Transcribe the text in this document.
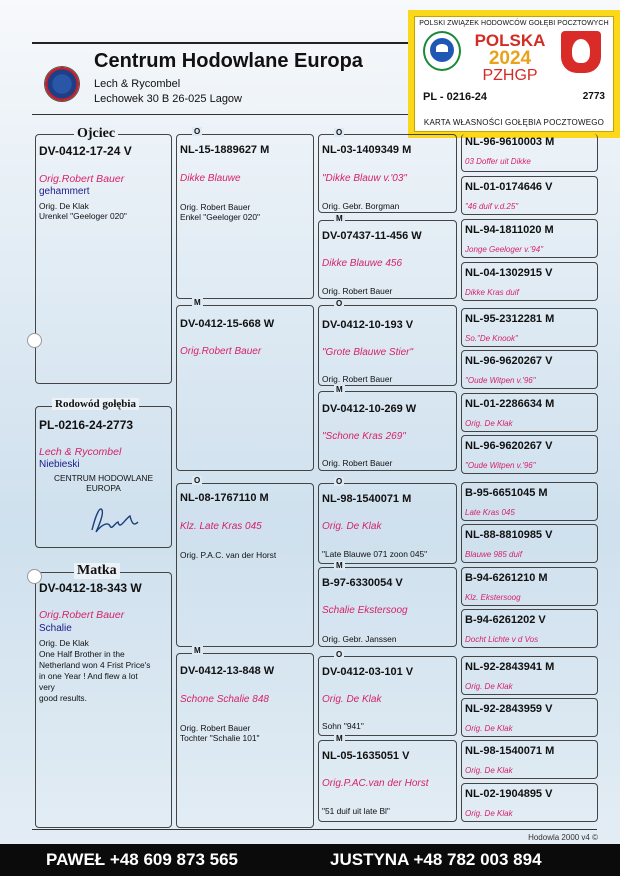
Centrum Hodowlane Europa
Lech & Rycombel
Lechowek 30 B 26-025 Lagow
POLSKI ZWIĄZEK HODOWCÓW GOŁĘBI POCZTOWYCH
POLSKA
2024
PZHGP
PL - 0216-24	2773
KARTA WŁASNOŚCI GOŁĘBIA POCZTOWEGO
DV-0412-17-24 V
Orig.Robert Bauer
gehammert
Orig. De Klak
Urenkel "Geeloger 020"
Ojciec
PL-0216-24-2773
Lech & Rycombel
Niebieski
CENTRUM HODOWLANE
EUROPA
Rodowód gołębia
DV-0412-18-343 W
Orig.Robert Bauer
Schalie
Orig. De Klak
One Half Brother in the
Netherland won 4 Frist Price's
in one Year ! And flew a lot
very
good results.
Matka
NL-15-1889627 M
Dikke Blauwe
Orig. Robert Bauer
Enkel "Geeloger 020"
O
DV-0412-15-668 W
Orig.Robert Bauer
M
NL-08-1767110 M
Klz. Late Kras 045
Orig. P.A.C. van der Horst
O
DV-0412-13-848 W
Schone Schalie 848
Orig. Robert Bauer
Tochter "Schalie 101"
M
NL-03-1409349 M
"Dikke Blauw v.'03"
Orig. Gebr. Borgman
O
DV-07437-11-456 W
Dikke Blauwe 456
Orig. Robert Bauer
M
DV-0412-10-193 V
"Grote Blauwe Stier"
Orig. Robert Bauer
O
DV-0412-10-269 W
"Schone Kras 269"
Orig. Robert Bauer
M
NL-98-1540071 M
Orig. De Klak
"Late Blauwe 071 zoon 045"
O
B-97-6330054 V
Schalie Ekstersoog
Orig. Gebr. Janssen
M
DV-0412-03-101 V
Orig. De Klak
Sohn "941"
O
NL-05-1635051 V
Orig.P.AC.van der Horst
"51 duif uit late Bl"
M
NL-96-9610003 M
03 Doffer uit Dikke
NL-01-0174646 V
"46 duif v.d.25"
NL-94-1811020 M
Jonge Geeloger v.'94"
NL-04-1302915 V
Dikke Kras duif
NL-95-2312281 M
So."De Knook"
NL-96-9620267 V
"Oude Witpen v.'96"
NL-01-2286634 M
Orig. De Klak
NL-96-9620267 V
"Oude Witpen v.'96"
B-95-6651045 M
Late Kras 045
NL-88-8810985 V
Blauwe 985 duif
B-94-6261210 M
Klz. Ekstersoog
B-94-6261202 V
Docht Lichte v d Vos
NL-92-2843941 M
Orig. De Klak
NL-92-2843959 V
Orig. De Klak
NL-98-1540071 M
Orig. De Klak
NL-02-1904895 V
Orig. De Klak
Hodowla 2000 v4 ©
PAWEŁ +48 609 873 565	JUSTYNA +48 782 003 894
